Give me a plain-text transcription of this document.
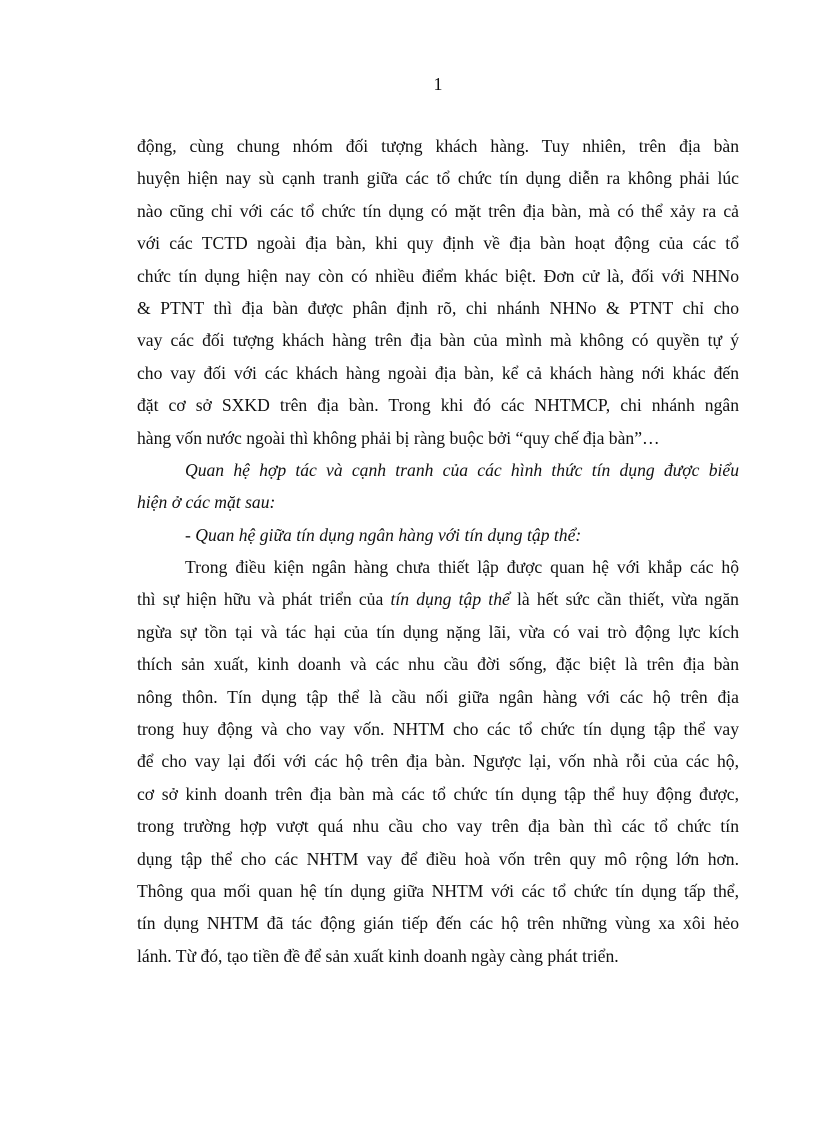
1
động, cùng chung nhóm đối tượng khách hàng. Tuy nhiên, trên địa bàn
huyện hiện nay sù cạnh tranh giữa các tổ chức tín dụng diễn ra không phải lúc
nào cũng chỉ với các tổ chức tín dụng có mặt trên địa bàn, mà có thể xảy ra cả
với các TCTD ngoài địa bàn, khi quy định về địa bàn hoạt động của các tổ
chức tín dụng hiện nay còn có nhiều điểm khác biệt. Đơn cử là, đối với NHNo
& PTNT thì địa bàn được phân định rõ, chi nhánh NHNo & PTNT chỉ cho
vay các đối tượng khách hàng trên địa bàn của mình mà không có quyền tự ý
cho vay đối với các khách hàng ngoài địa bàn, kể cả khách hàng nới khác đến
đặt cơ sở SXKD trên địa bàn. Trong khi đó các NHTMCP, chi nhánh ngân
hàng vốn nước ngoài thì không phải bị ràng buộc bởi “quy chế địa bàn”…
Quan hệ hợp tác và cạnh tranh của các hình thức tín dụng được biểu
hiện ở các mặt sau:
- Quan hệ giữa tín dụng ngân hàng với tín dụng tập thể:
Trong điều kiện ngân hàng chưa thiết lập được quan hệ với khắp các hộ
thì sự hiện hữu và phát triển của tín dụng tập thể là hết sức cần thiết, vừa ngăn
ngừa sự tồn tại và tác hại của tín dụng nặng lãi, vừa có vai trò động lực kích
thích sản xuất, kinh doanh và các nhu cầu đời sống, đặc biệt là trên địa bàn
nông thôn. Tín dụng tập thể là cầu nối giữa ngân hàng với các hộ trên địa
trong huy động và cho vay vốn. NHTM cho các tổ chức tín dụng tập thể vay
để cho vay lại đối với các hộ trên địa bàn. Ngược lại, vốn nhà rỗi của các hộ,
cơ sở kinh doanh trên địa bàn mà các tổ chức tín dụng tập thể huy động được,
trong trường hợp vượt quá nhu cầu cho vay trên địa bàn thì các tổ chức tín
dụng tập thể cho các NHTM vay để điều hoà vốn trên quy mô rộng lớn hơn.
Thông qua mối quan hệ tín dụng giữa NHTM với các tổ chức tín dụng tấp thể,
tín dụng NHTM đã tác động gián tiếp đến các hộ trên những vùng xa xôi hẻo
lánh. Từ đó, tạo tiền đề để sản xuất kinh doanh ngày càng phát triển.
